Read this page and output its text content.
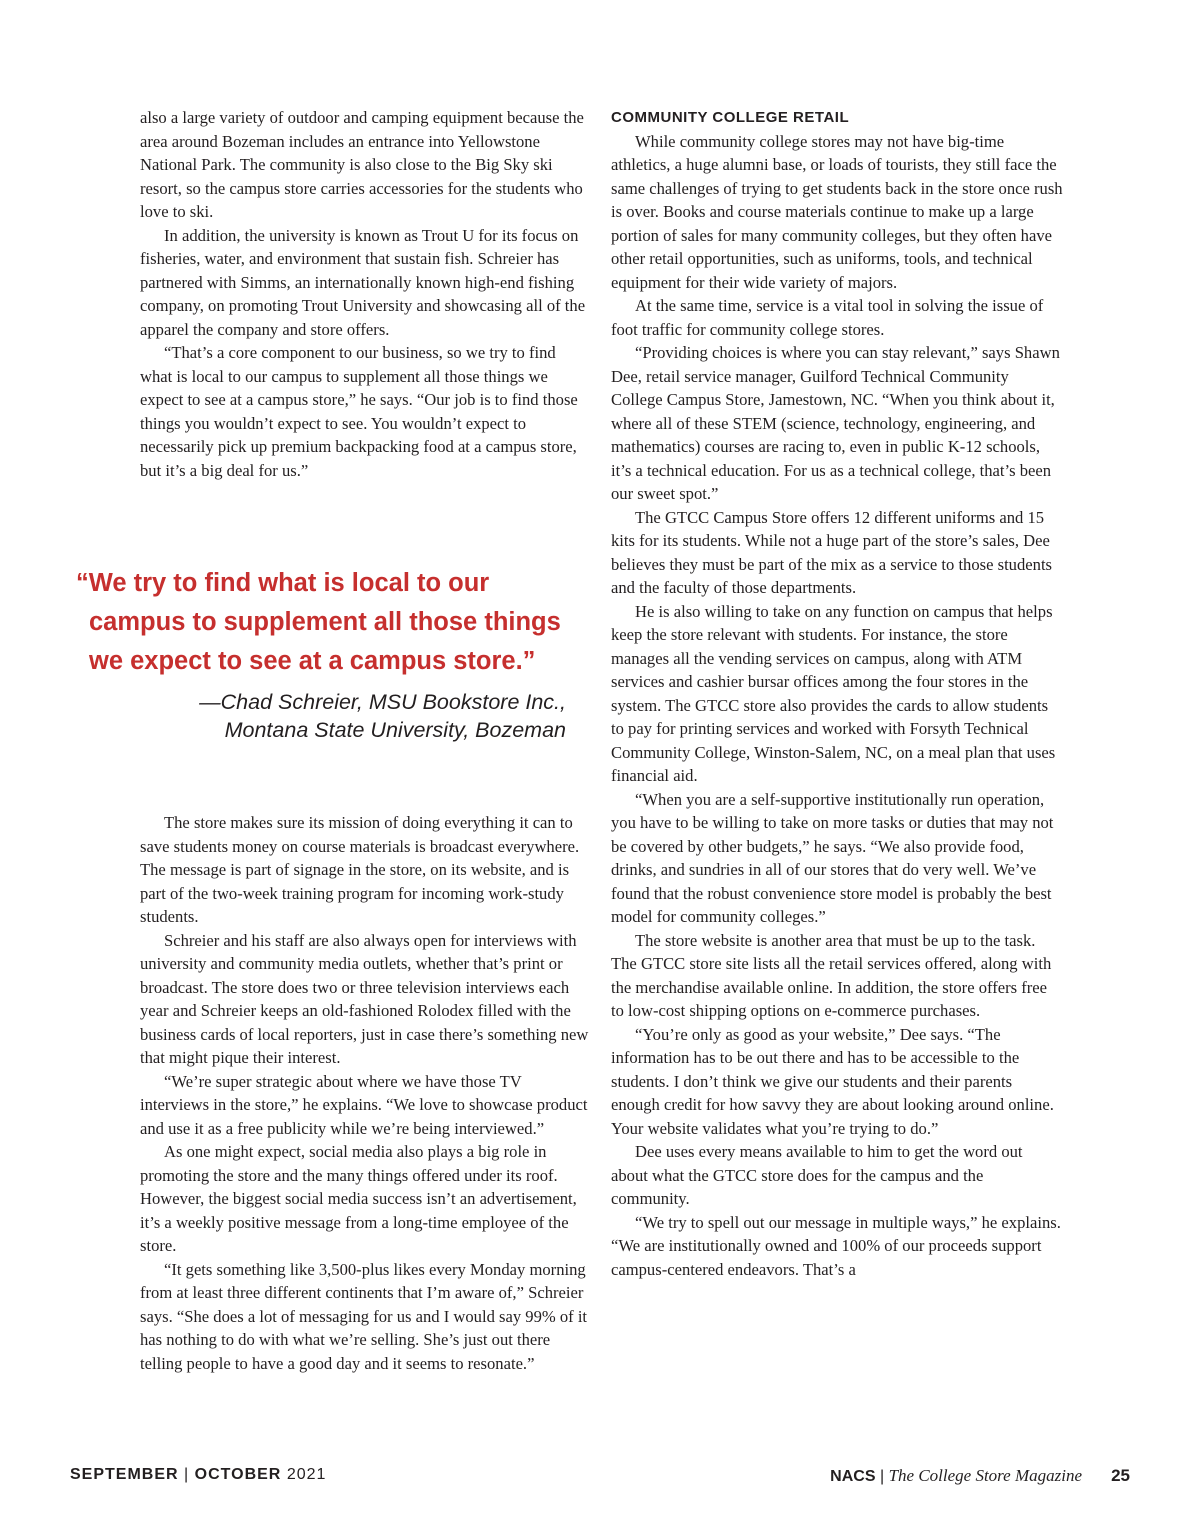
also a large variety of outdoor and camping equipment because the area around Bozeman includes an entrance into Yellowstone National Park. The community is also close to the Big Sky ski resort, so the campus store carries accessories for the students who love to ski.

In addition, the university is known as Trout U for its focus on fisheries, water, and environment that sustain fish. Schreier has partnered with Simms, an internationally known high-end fishing company, on promoting Trout University and showcasing all of the apparel the company and store offers.

“That’s a core component to our business, so we try to find what is local to our campus to supplement all those things we expect to see at a campus store,” he says. “Our job is to find those things you wouldn’t expect to see. You wouldn’t expect to necessarily pick up premium backpacking food at a campus store, but it’s a big deal for us.”

“We try to find what is local to our
campus to supplement all those things
we expect to see at a campus store.”

—Chad Schreier, MSU Bookstore Inc.,
Montana State University, Bozeman

The store makes sure its mission of doing everything it can to save students money on course materials is broadcast everywhere. The message is part of signage in the store, on its website, and is part of the two-week training program for incoming work-study students.

Schreier and his staff are also always open for interviews with university and community media outlets, whether that’s print or broadcast. The store does two or three television interviews each year and Schreier keeps an old-fashioned Rolodex filled with the business cards of local reporters, just in case there’s something new that might pique their interest.

“We’re super strategic about where we have those TV interviews in the store,” he explains. “We love to showcase product and use it as a free publicity while we’re being interviewed.”

As one might expect, social media also plays a big role in promoting the store and the many things offered under its roof. However, the biggest social media success isn’t an advertisement, it’s a weekly positive message from a long-time employee of the store.

“It gets something like 3,500-plus likes every Monday morning from at least three different continents that I’m aware of,” Schreier says. “She does a lot of messaging for us and I would say 99% of it has nothing to do with what we’re selling. She’s just out there telling people to have a good day and it seems to resonate.”

COMMUNITY COLLEGE RETAIL

While community college stores may not have big-time athletics, a huge alumni base, or loads of tourists, they still face the same challenges of trying to get students back in the store once rush is over. Books and course materials continue to make up a large portion of sales for many community colleges, but they often have other retail opportunities, such as uniforms, tools, and technical equipment for their wide variety of majors.

At the same time, service is a vital tool in solving the issue of foot traffic for community college stores.

“Providing choices is where you can stay relevant,” says Shawn Dee, retail service manager, Guilford Technical Community College Campus Store, Jamestown, NC. “When you think about it, where all of these STEM (science, technology, engineering, and mathematics) courses are racing to, even in public K-12 schools, it’s a technical education. For us as a technical college, that’s been our sweet spot.”

The GTCC Campus Store offers 12 different uniforms and 15 kits for its students. While not a huge part of the store’s sales, Dee believes they must be part of the mix as a service to those students and the faculty of those departments.

He is also willing to take on any function on campus that helps keep the store relevant with students. For instance, the store manages all the vending services on campus, along with ATM services and cashier bursar offices among the four stores in the system. The GTCC store also provides the cards to allow students to pay for printing services and worked with Forsyth Technical Community College, Winston-Salem, NC, on a meal plan that uses financial aid.

“When you are a self-supportive institutionally run operation, you have to be willing to take on more tasks or duties that may not be covered by other budgets,” he says. “We also provide food, drinks, and sundries in all of our stores that do very well. We’ve found that the robust convenience store model is probably the best model for community colleges.”

The store website is another area that must be up to the task. The GTCC store site lists all the retail services offered, along with the merchandise available online. In addition, the store offers free to low-cost shipping options on e-commerce purchases.

“You’re only as good as your website,” Dee says. “The information has to be out there and has to be accessible to the students. I don’t think we give our students and their parents enough credit for how savvy they are about looking around online. Your website validates what you’re trying to do.”

Dee uses every means available to him to get the word out about what the GTCC store does for the campus and the community.

“We try to spell out our message in multiple ways,” he explains. “We are institutionally owned and 100% of our proceeds support campus-centered endeavors. That’s a

SEPTEMBER | OCTOBER 2021	NACS | The College Store Magazine 25
